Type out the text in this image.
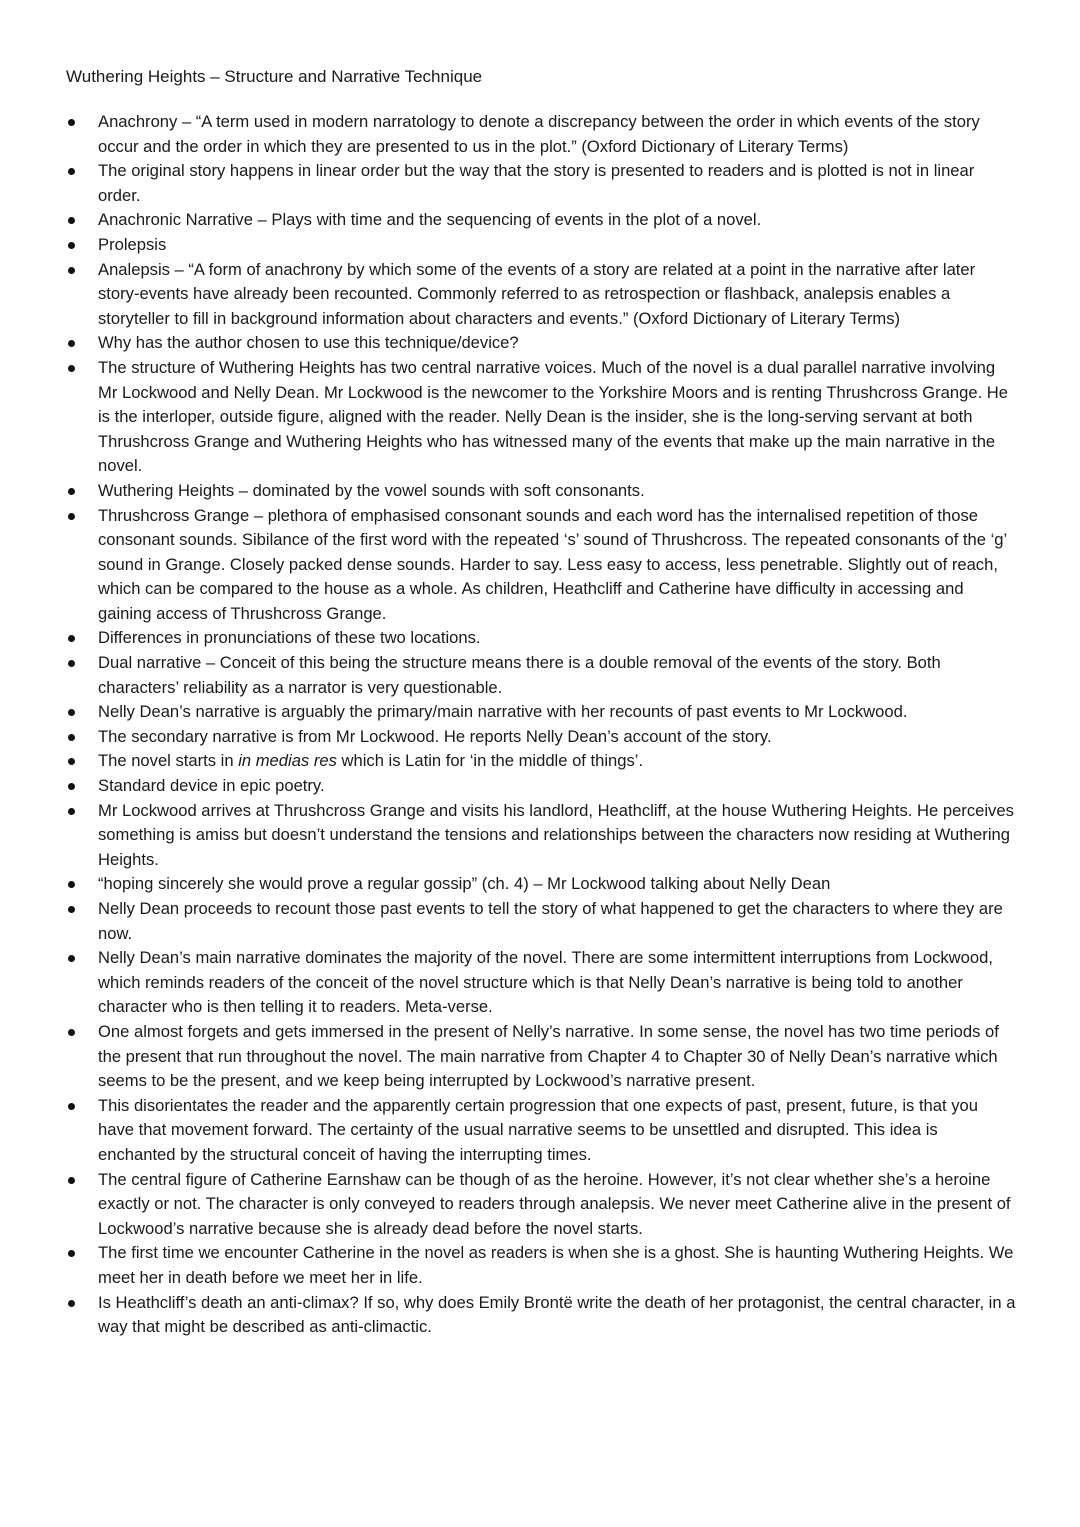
Wuthering Heights – Structure and Narrative Technique
Anachrony – “A term used in modern narratology to denote a discrepancy between the order in which events of the story occur and the order in which they are presented to us in the plot.” (Oxford Dictionary of Literary Terms)
The original story happens in linear order but the way that the story is presented to readers and is plotted is not in linear order.
Anachronic Narrative – Plays with time and the sequencing of events in the plot of a novel.
Prolepsis
Analepsis – “A form of anachrony by which some of the events of a story are related at a point in the narrative after later story-events have already been recounted. Commonly referred to as retrospection or flashback, analepsis enables a storyteller to fill in background information about characters and events.” (Oxford Dictionary of Literary Terms)
Why has the author chosen to use this technique/device?
The structure of Wuthering Heights has two central narrative voices. Much of the novel is a dual parallel narrative involving Mr Lockwood and Nelly Dean. Mr Lockwood is the newcomer to the Yorkshire Moors and is renting Thrushcross Grange. He is the interloper, outside figure, aligned with the reader. Nelly Dean is the insider, she is the long-serving servant at both Thrushcross Grange and Wuthering Heights who has witnessed many of the events that make up the main narrative in the novel.
Wuthering Heights – dominated by the vowel sounds with soft consonants.
Thrushcross Grange – plethora of emphasised consonant sounds and each word has the internalised repetition of those consonant sounds. Sibilance of the first word with the repeated ‘s’ sound of Thrushcross. The repeated consonants of the ‘g’ sound in Grange. Closely packed dense sounds. Harder to say. Less easy to access, less penetrable. Slightly out of reach, which can be compared to the house as a whole. As children, Heathcliff and Catherine have difficulty in accessing and gaining access of Thrushcross Grange.
Differences in pronunciations of these two locations.
Dual narrative – Conceit of this being the structure means there is a double removal of the events of the story. Both characters’ reliability as a narrator is very questionable.
Nelly Dean’s narrative is arguably the primary/main narrative with her recounts of past events to Mr Lockwood.
The secondary narrative is from Mr Lockwood. He reports Nelly Dean’s account of the story.
The novel starts in in medias res which is Latin for ‘in the middle of things’.
Standard device in epic poetry.
Mr Lockwood arrives at Thrushcross Grange and visits his landlord, Heathcliff, at the house Wuthering Heights. He perceives something is amiss but doesn’t understand the tensions and relationships between the characters now residing at Wuthering Heights.
“hoping sincerely she would prove a regular gossip” (ch. 4) – Mr Lockwood talking about Nelly Dean
Nelly Dean proceeds to recount those past events to tell the story of what happened to get the characters to where they are now.
Nelly Dean’s main narrative dominates the majority of the novel. There are some intermittent interruptions from Lockwood, which reminds readers of the conceit of the novel structure which is that Nelly Dean’s narrative is being told to another character who is then telling it to readers. Meta-verse.
One almost forgets and gets immersed in the present of Nelly’s narrative. In some sense, the novel has two time periods of the present that run throughout the novel. The main narrative from Chapter 4 to Chapter 30 of Nelly Dean’s narrative which seems to be the present, and we keep being interrupted by Lockwood’s narrative present.
This disorientates the reader and the apparently certain progression that one expects of past, present, future, is that you have that movement forward. The certainty of the usual narrative seems to be unsettled and disrupted. This idea is enchanted by the structural conceit of having the interrupting times.
The central figure of Catherine Earnshaw can be though of as the heroine. However, it’s not clear whether she’s a heroine exactly or not. The character is only conveyed to readers through analepsis. We never meet Catherine alive in the present of Lockwood’s narrative because she is already dead before the novel starts.
The first time we encounter Catherine in the novel as readers is when she is a ghost. She is haunting Wuthering Heights. We meet her in death before we meet her in life.
Is Heathcliff’s death an anti-climax? If so, why does Emily Brontë write the death of her protagonist, the central character, in a way that might be described as anti-climactic.
